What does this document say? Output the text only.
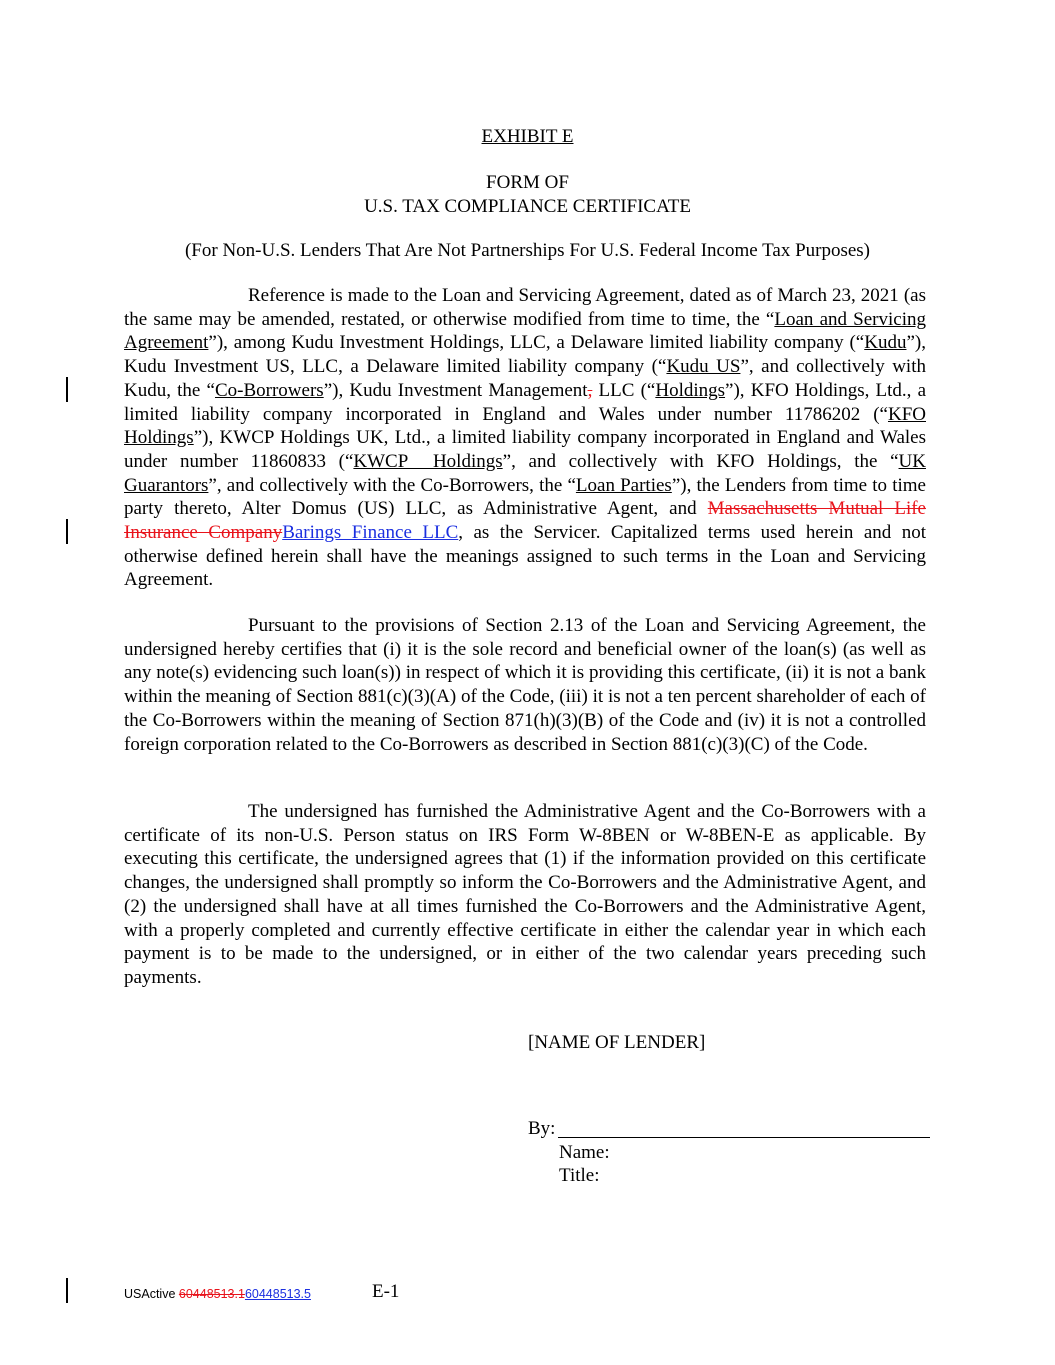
EXHIBIT E
FORM OF
U.S. TAX COMPLIANCE CERTIFICATE
(For Non-U.S. Lenders That Are Not Partnerships For U.S. Federal Income Tax Purposes)

Reference is made to the Loan and Servicing Agreement, dated as of March 23, 2021 (as the same may be amended, restated, or otherwise modified from time to time, the “Loan and Servicing Agreement”), among Kudu Investment Holdings, LLC, a Delaware limited liability company (“Kudu”), Kudu Investment US, LLC, a Delaware limited liability company (“Kudu US”, and collectively with Kudu, the “Co-Borrowers”), Kudu Investment Management, LLC (“Holdings”), KFO Holdings, Ltd., a limited liability company incorporated in England and Wales under number 11786202 (“KFO Holdings”), KWCP Holdings UK, Ltd., a limited liability company incorporated in England and Wales under number 11860833 (“KWCP  Holdings”, and collectively with KFO Holdings, the “UK Guarantors”, and collectively with the Co-Borrowers, the “Loan Parties”), the Lenders from time to time party thereto, Alter Domus (US) LLC, as Administrative Agent, and Massachusetts Mutual Life Insurance CompanyBarings Finance LLC, as the Servicer. Capitalized terms used herein and not otherwise defined herein shall have the meanings assigned to such terms in the Loan and Servicing Agreement.

Pursuant to the provisions of Section 2.13 of the Loan and Servicing Agreement, the undersigned hereby certifies that (i) it is the sole record and beneficial owner of the loan(s) (as well as any note(s) evidencing such loan(s)) in respect of which it is providing this certificate, (ii) it is not a bank within the meaning of Section 881(c)(3)(A) of the Code, (iii) it is not a ten percent shareholder of each of the Co-Borrowers within the meaning of Section 871(h)(3)(B) of the Code and (iv) it is not a controlled foreign corporation related to the Co-Borrowers as described in Section 881(c)(3)(C) of the Code.

The undersigned has furnished the Administrative Agent and the Co-Borrowers with a certificate of its non-U.S. Person status on IRS Form W-8BEN or W-8BEN-E as applicable. By executing this certificate, the undersigned agrees that (1) if the information provided on this certificate changes, the undersigned shall promptly so inform the Co-Borrowers and the Administrative Agent, and (2) the undersigned shall have at all times furnished the Co-Borrowers and the Administrative Agent, with a properly completed and currently effective certificate in either the calendar year in which each payment is to be made to the undersigned, or in either of the two calendar years preceding such payments.

[NAME OF LENDER]
By:
Name:
Title:
USActive 60448513.160448513.5	E-1
